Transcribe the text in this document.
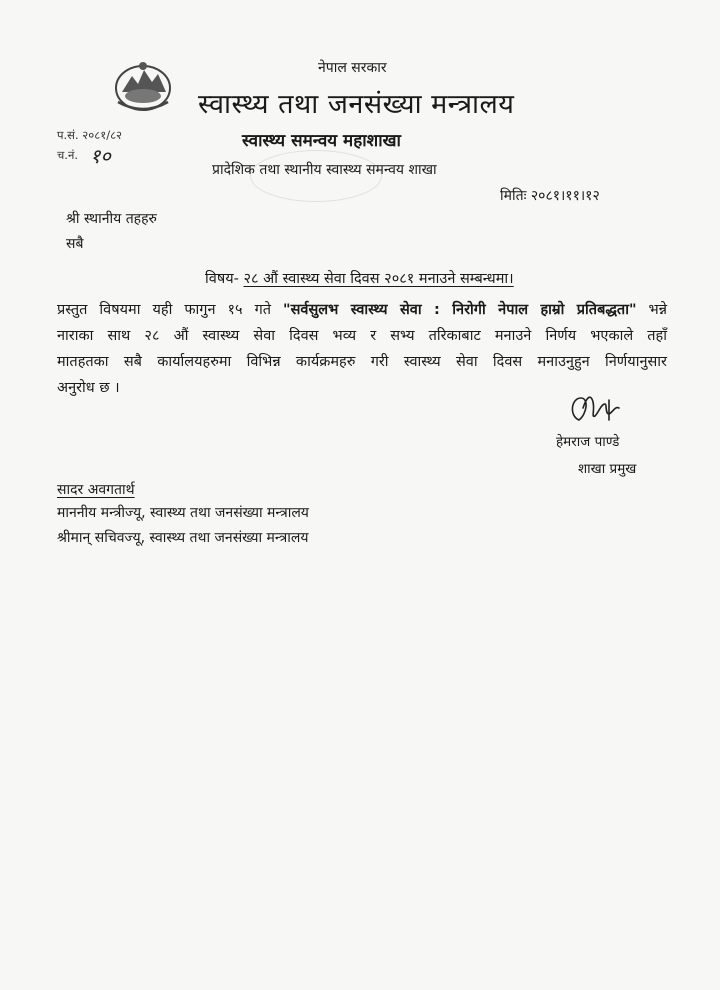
नेपाल सरकार
स्वास्थ्य तथा जनसंख्या मन्त्रालय
स्वास्थ्य समन्वय महाशाखा
प्रादेशिक तथा स्थानीय स्वास्थ्य समन्वय शाखा
प.सं. २०८१/८२
च.नं. १०
मितिः २०८१।११।१२
श्री स्थानीय तहहरु
सबै
विषय- २८ औं स्वास्थ्य सेवा दिवस २०८१ मनाउने सम्बन्धमा।
प्रस्तुत विषयमा यही फागुन १५ गते "सर्वसुलभ स्वास्थ्य सेवा : निरोगी नेपाल हाम्रो प्रतिबद्धता" भन्ने
नाराका साथ २८ औं स्वास्थ्य सेवा दिवस भव्य र सभ्य तरिकाबाट मनाउने निर्णय भएकाले तहाँ
मातहतका सबै कार्यालयहरुमा विभिन्न कार्यक्रमहरु गरी स्वास्थ्य सेवा दिवस मनाउनुहुन निर्णयानुसार
अनुरोध छ ।
हेमराज पाण्डे
शाखा प्रमुख
सादर अवगतार्थ
माननीय मन्त्रीज्यू, स्वास्थ्य तथा जनसंख्या मन्त्रालय
श्रीमान् सचिवज्यू, स्वास्थ्य तथा जनसंख्या मन्त्रालय
